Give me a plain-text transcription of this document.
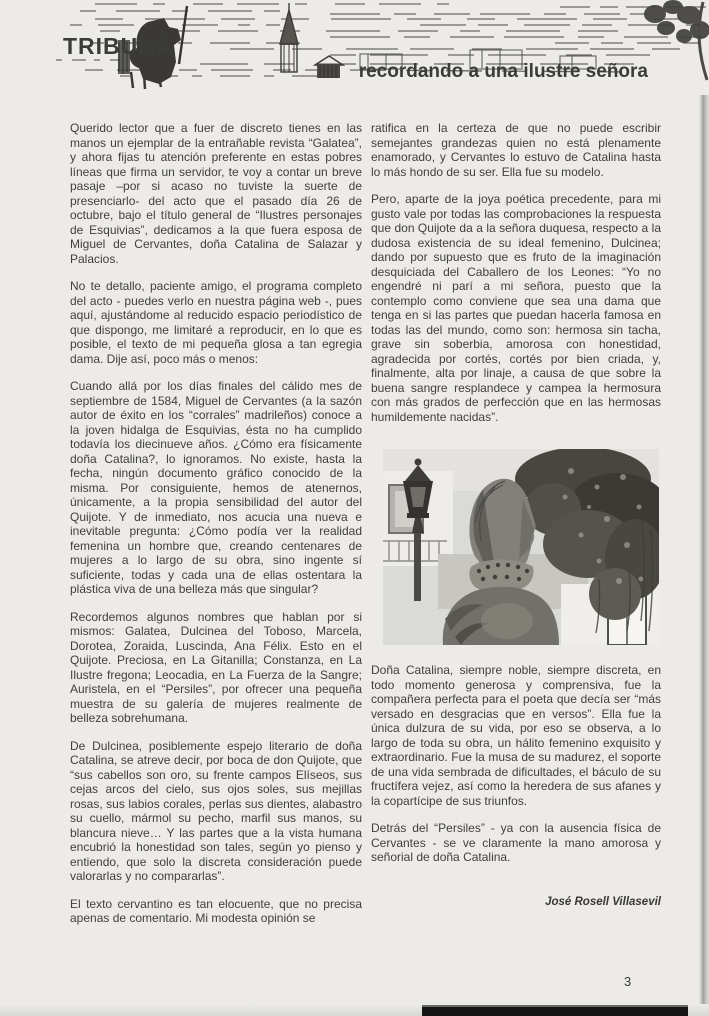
TRIBUNA
recordando a una ilustre señora

Querido lector que a fuer de discreto tienes en las manos un ejemplar de la entrañable revista “Galatea”, y ahora fijas tu atención preferente en estas pobres líneas que firma un servidor, te voy a contar un breve pasaje –por si acaso no tuviste la suerte de presenciarlo- del acto que el pasado día 26 de octubre, bajo el título general de “Ilustres personajes de Esquivias”, dedicamos a la que fuera esposa de Miguel de Cervantes, doña Catalina de Salazar y Palacios.

No te detallo, paciente amigo, el programa completo del acto - puedes verlo en nuestra página web -, pues aquí, ajustándome al reducido espacio periodístico de que dispongo, me limitaré a reproducir, en lo que es posible, el texto de mi pequeña glosa a tan egregia dama. Dije así, poco más o menos:

Cuando allá por los días finales del cálido mes de septiembre de 1584, Miguel de Cervantes (a la sazón autor de éxito en los “corrales” madrileños) conoce a la joven hidalga de Esquivias, ésta no ha cumplido todavía los diecinueve años. ¿Cómo era físicamente doña Catalina?, lo ignoramos. No existe, hasta la fecha, ningún documento gráfico conocido de la misma. Por consiguiente, hemos de atenernos, únicamente, a la propia sensibilidad del autor del Quijote. Y de inmediato, nos acucia una nueva e inevitable pregunta: ¿Cómo podía ver la realidad femenina un hombre que, creando centenares de mujeres a lo largo de su obra, sino ingente sí suficiente, todas y cada una de ellas ostentara la plástica viva de una belleza más que singular?

Recordemos algunos nombres que hablan por si mismos: Galatea, Dulcinea del Toboso, Marcela, Dorotea, Zoraida, Luscinda, Ana Félix. Esto en el Quijote. Preciosa, en La Gitanilla; Constanza, en La Ilustre fregona; Leocadia, en La Fuerza de la Sangre; Auristela, en el “Persiles”, por ofrecer una pequeña muestra de su galería de mujeres realmente de belleza sobrehumana.

De Dulcinea, posiblemente espejo literario de doña Catalina, se atreve decir, por boca de don Quijote, que “sus cabellos son oro, su frente campos Elíseos, sus cejas arcos del cielo, sus ojos soles, sus mejillas rosas, sus labios corales, perlas sus dientes, alabastro su cuello, mármol su pecho, marfil sus manos, su blancura nieve… Y las partes que a la vista humana encubrió la honestidad son tales, según yo pienso y entiendo, que solo la discreta consideración puede valorarlas y no compararlas”.

El texto cervantino es tan elocuente, que no precisa apenas de comentario. Mi modesta opinión se

ratifica en la certeza de que no puede escribir semejantes grandezas quien no está plenamente enamorado, y Cervantes lo estuvo de Catalina hasta lo más hondo de su ser. Ella fue su modelo.

Pero, aparte de la joya poética precedente, para mi gusto vale por todas las comprobaciones la respuesta que don Quijote da a la señora duquesa, respecto a la dudosa existencia de su ideal femenino, Dulcinea; dando por supuesto que es fruto de la imaginación desquiciada del Caballero de los Leones: “Yo no engendré ni parí a mi señora, puesto que la contemplo como conviene que sea una dama que tenga en si las partes que puedan hacerla famosa en todas las del mundo, como son: hermosa sin tacha, grave sin soberbia, amorosa con honestidad, agradecida por cortés, cortés por bien criada, y, finalmente, alta por linaje, a causa de que sobre la buena sangre resplandece y campea la hermosura con más grados de perfección que en las hermosas humildemente nacidas”.

Doña Catalina, siempre noble, siempre discreta, en todo momento generosa y comprensiva, fue la compañera perfecta para el poeta que decía ser “más versado en desgracias que en versos”. Ella fue la única dulzura de su vida, por eso se observa, a lo largo de toda su obra, un hálito femenino exquisito y extraordinario. Fue la musa de su madurez, el soporte de una vida sembrada de dificultades, el báculo de su fructífera vejez, así como la heredera de sus afanes y la copartícipe de sus triunfos.

Detrás del “Persiles” - ya con la ausencia física de Cervantes - se ve claramente la mano amorosa y señorial de doña Catalina.

José Rosell Villasevil
3
